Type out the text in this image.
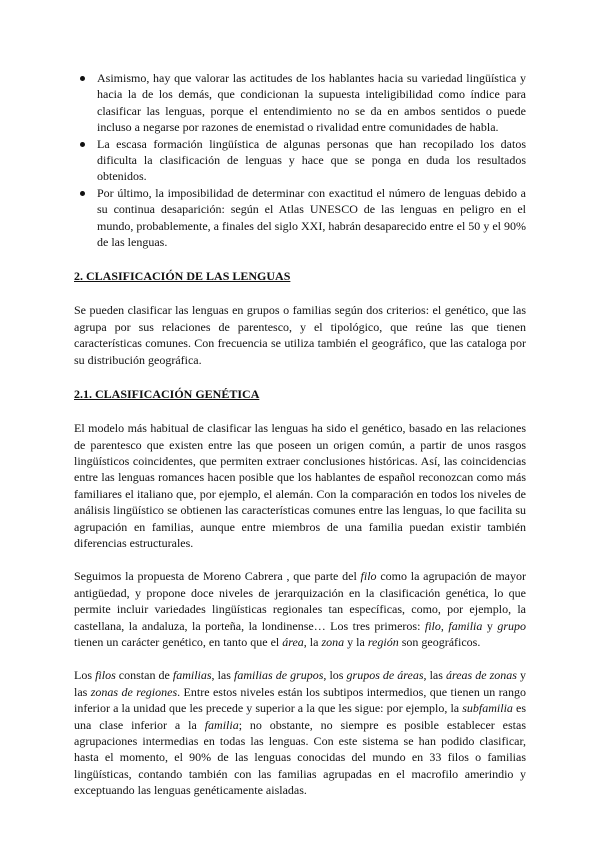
Asimismo, hay que valorar las actitudes de los hablantes hacia su variedad lingüística y hacia la de los demás, que condicionan la supuesta inteligibilidad como índice para clasificar las lenguas, porque el entendimiento no se da en ambos sentidos o puede incluso a negarse por razones de enemistad o rivalidad entre comunidades de habla.
La escasa formación lingüística de algunas personas que han recopilado los datos dificulta la clasificación de lenguas y hace que se ponga en duda los resultados obtenidos.
Por último, la imposibilidad de determinar con exactitud el número de lenguas debido a su continua desaparición: según el Atlas UNESCO de las lenguas en peligro en el mundo, probablemente, a finales del siglo XXI, habrán desaparecido entre el 50 y el 90% de las lenguas.
2. CLASIFICACIÓN DE LAS LENGUAS

Se pueden clasificar las lenguas en grupos o familias según dos criterios: el genético, que las agrupa por sus relaciones de parentesco, y el tipológico, que reúne las que tienen características comunes. Con frecuencia se utiliza también el geográfico, que las cataloga por su distribución geográfica.

2.1. CLASIFICACIÓN GENÉTICA

El modelo más habitual de clasificar las lenguas ha sido el genético, basado en las relaciones de parentesco que existen entre las que poseen un origen común, a partir de unos rasgos lingüísticos coincidentes, que permiten extraer conclusiones históricas. Así, las coincidencias entre las lenguas romances hacen posible que los hablantes de español reconozcan como más familiares el italiano que, por ejemplo, el alemán. Con la comparación en todos los niveles de análisis lingüístico se obtienen las características comunes entre las lenguas, lo que facilita su agrupación en familias, aunque entre miembros de una familia puedan existir también diferencias estructurales.

Seguimos la propuesta de Moreno Cabrera , que parte del filo como la agrupación de mayor antigüedad, y propone doce niveles de jerarquización en la clasificación genética, lo que permite incluir variedades lingüísticas regionales tan específicas, como, por ejemplo, la castellana, la andaluza, la porteña, la londinense… Los tres primeros: filo, familia y grupo tienen un carácter genético, en tanto que el área, la zona y la región son geográficos.

Los filos constan de familias, las familias de grupos, los grupos de áreas, las áreas de zonas y las zonas de regiones. Entre estos niveles están los subtipos intermedios, que tienen un rango inferior a la unidad que les precede y superior a la que les sigue: por ejemplo, la subfamilia es una clase inferior a la familia; no obstante, no siempre es posible establecer estas agrupaciones intermedias en todas las lenguas. Con este sistema se han podido clasificar, hasta el momento, el 90% de las lenguas conocidas del mundo en 33 filos o familias lingüísticas, contando también con las familias agrupadas en el macrofilo amerindio y exceptuando las lenguas genéticamente aisladas.
